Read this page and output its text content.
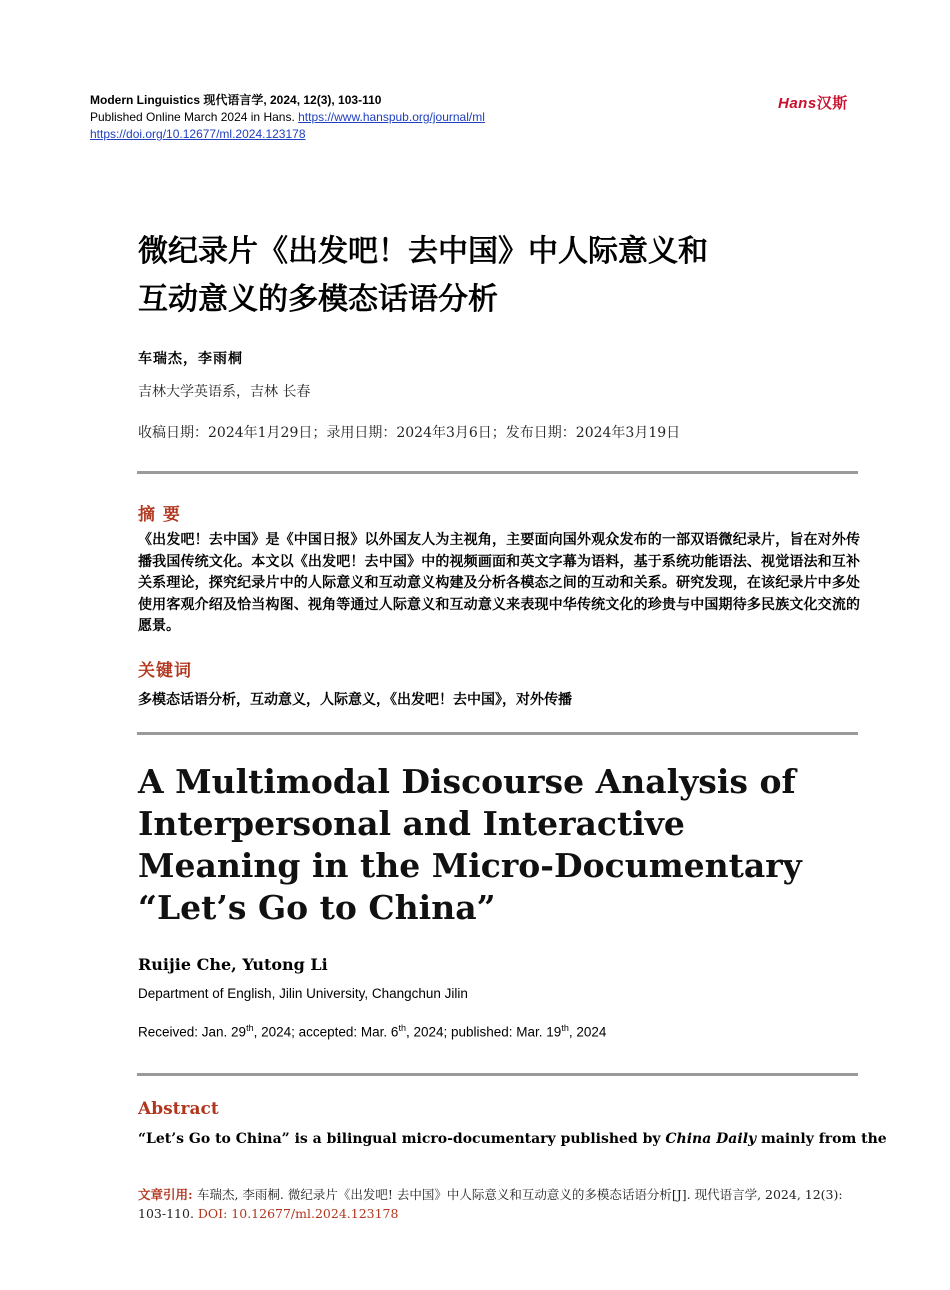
Modern Linguistics 现代语言学, 2024, 12(3), 103-110
Published Online March 2024 in Hans. https://www.hanspub.org/journal/ml
https://doi.org/10.12677/ml.2024.123178
Hans汉斯
微纪录片《出发吧！去中国》中人际意义和
互动意义的多模态话语分析
车瑞杰，李雨桐
吉林大学英语系，吉林 长春
收稿日期：2024年1月29日；录用日期：2024年3月6日；发布日期：2024年3月19日
摘 要
《出发吧！去中国》是《中国日报》以外国友人为主视角，主要面向国外观众发布的一部双语微纪录片，旨在对外传播我国传统文化。本文以《出发吧！去中国》中的视频画面和英文字幕为语料，基于系统功能语法、视觉语法和互补关系理论，探究纪录片中的人际意义和互动意义构建及分析各模态之间的互动和关系。研究发现，在该纪录片中多处使用客观介绍及恰当构图、视角等通过人际意义和互动意义来表现中华传统文化的珍贵与中国期待多民族文化交流的愿景。
关键词
多模态话语分析，互动意义，人际意义，《出发吧！去中国》，对外传播
A Multimodal Discourse Analysis of
Interpersonal and Interactive
Meaning in the Micro-Documentary
“Let’s Go to China”
Ruijie Che, Yutong Li
Department of English, Jilin University, Changchun Jilin
Received: Jan. 29th, 2024; accepted: Mar. 6th, 2024; published: Mar. 19th, 2024
Abstract
“Let’s Go to China” is a bilingual micro-documentary published by China Daily mainly from the
文章引用: 车瑞杰, 李雨桐. 微纪录片《出发吧! 去中国》中人际意义和互动意义的多模态话语分析[J]. 现代语言学, 2024, 12(3): 103-110. DOI: 10.12677/ml.2024.123178
